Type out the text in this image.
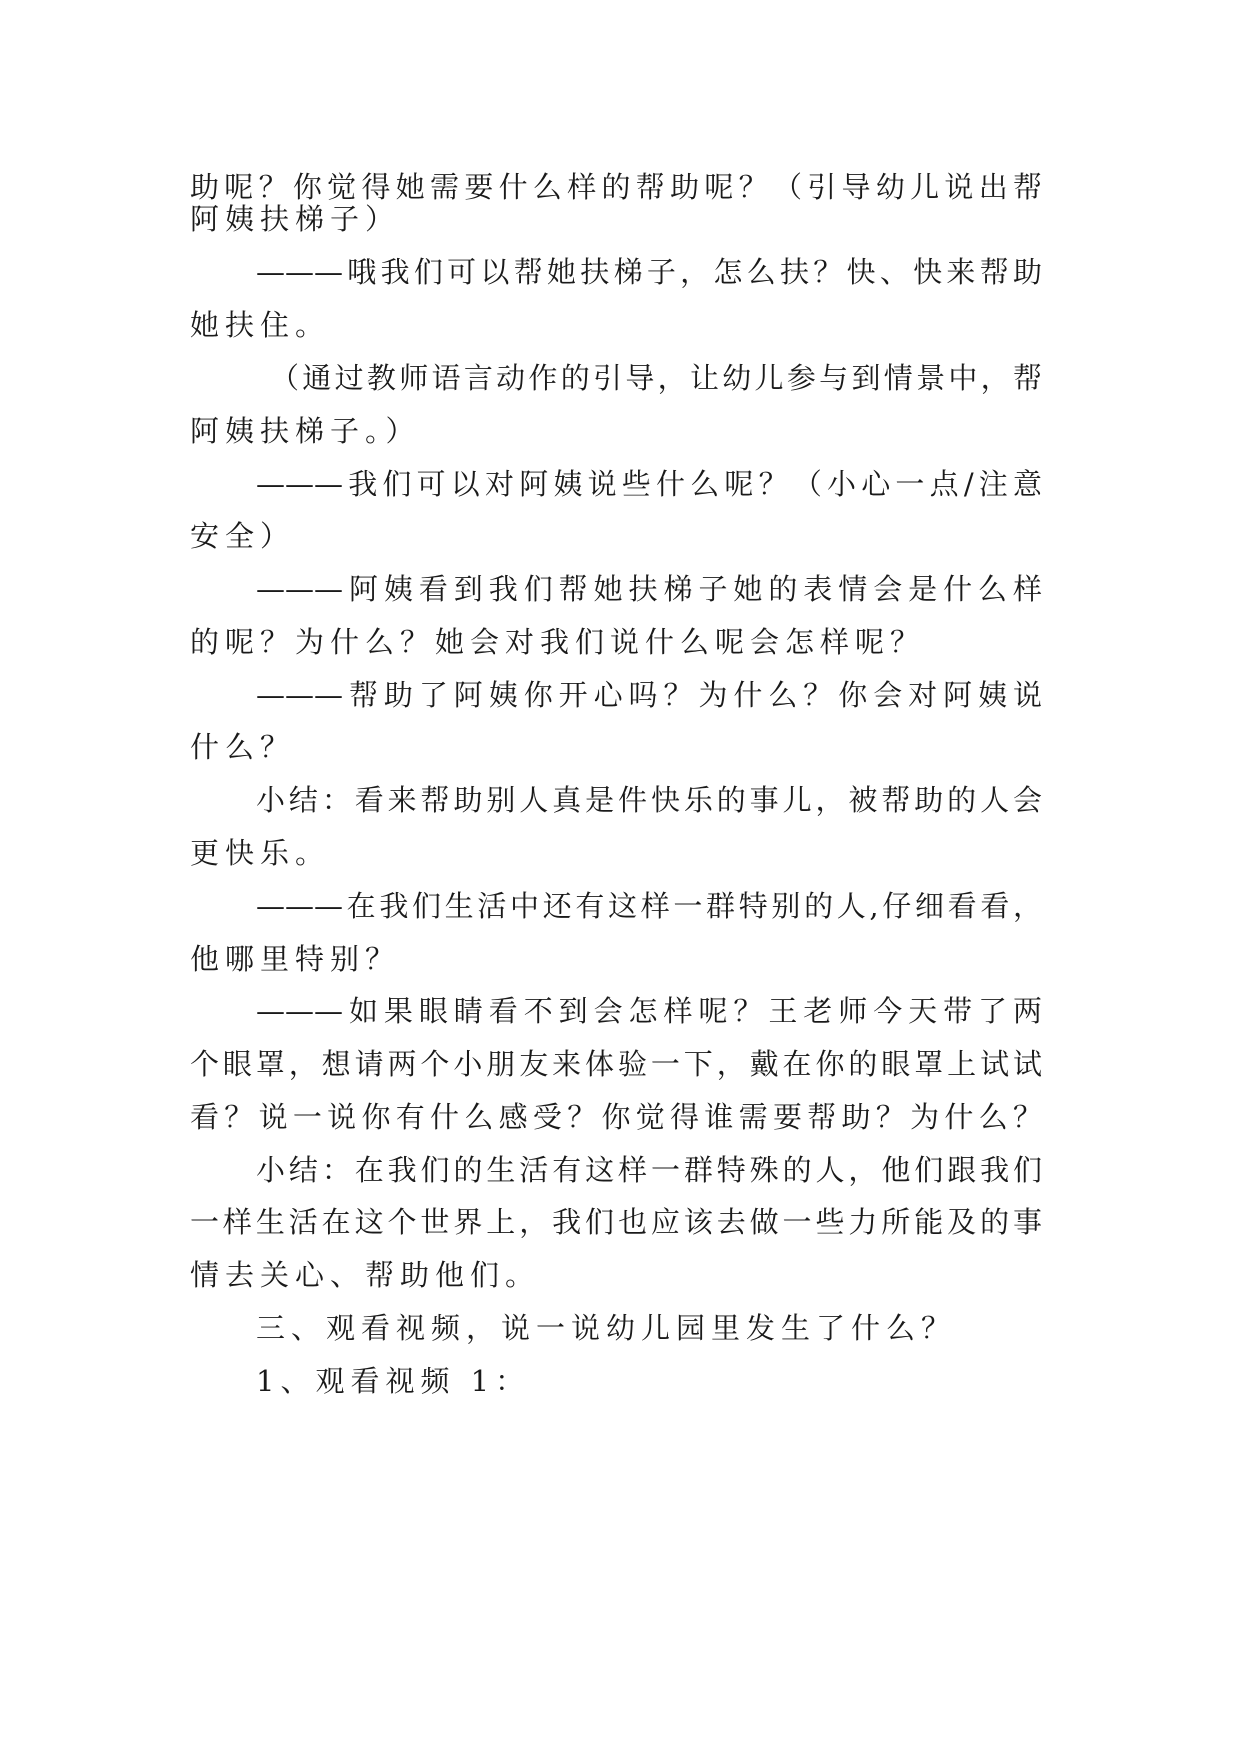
助呢？你觉得她需要什么样的帮助呢？（引导幼儿说出帮
阿姨扶梯子）
———哦我们可以帮她扶梯子，怎么扶？快、快来帮助
她扶住。
（通过教师语言动作的引导，让幼儿参与到情景中，帮
阿姨扶梯子。）
———我们可以对阿姨说些什么呢？（小心一点/注意
安全）
———阿姨看到我们帮她扶梯子她的表情会是什么样
的呢？为什么？她会对我们说什么呢会怎样呢？
———帮助了阿姨你开心吗？为什么？你会对阿姨说
什么？
小结：看来帮助别人真是件快乐的事儿，被帮助的人会
更快乐。
———在我们生活中还有这样一群特别的人,仔细看看，
他哪里特别？
———如果眼睛看不到会怎样呢？王老师今天带了两
个眼罩，想请两个小朋友来体验一下，戴在你的眼罩上试试
看？说一说你有什么感受？你觉得谁需要帮助？为什么？
小结：在我们的生活有这样一群特殊的人，他们跟我们
一样生活在这个世界上，我们也应该去做一些力所能及的事
情去关心、帮助他们。
三、观看视频，说一说幼儿园里发生了什么？
1、观看视频 1：
